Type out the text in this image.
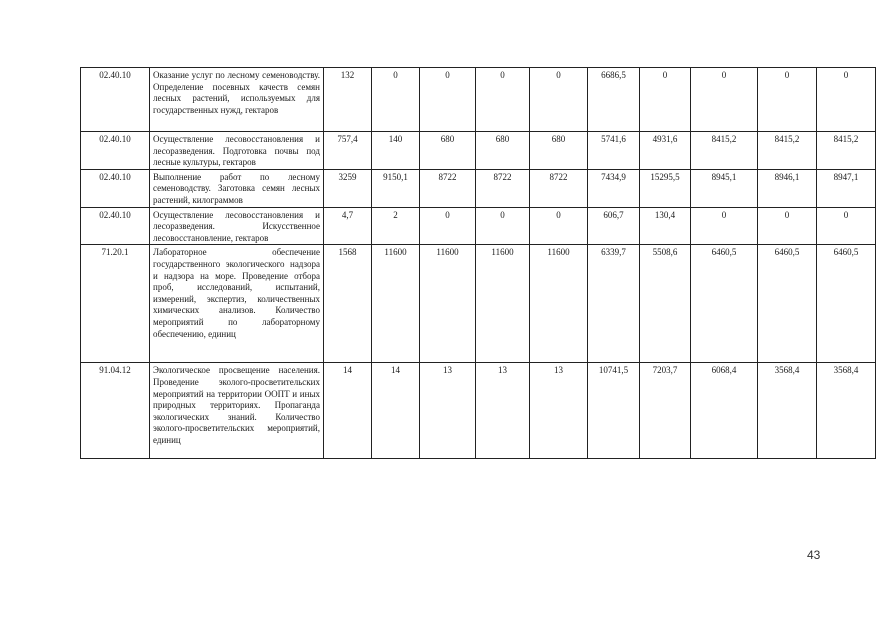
02.40.10	Оказание услуг по лесному семеноводству. Определение посевных качеств семян лесных растений, используемых для государственных нужд, гектаров	132	0	0	0	0	6686,5	0	0	0	0
02.40.10	Осуществление лесовосстановления и лесоразведения. Подготовка почвы под лесные культуры, гектаров	757,4	140	680	680	680	5741,6	4931,6	8415,2	8415,2	8415,2
02.40.10	Выполнение работ по лесному семеноводству. Заготовка семян лесных растений, килограммов	3259	9150,1	8722	8722	8722	7434,9	15295,5	8945,1	8946,1	8947,1
02.40.10	Осуществление лесовосстановления и лесоразведения. Искусственное лесовосстановление, гектаров	4,7	2	0	0	0	606,7	130,4	0	0	0
71.20.1	Лабораторное обеспечение государственного экологического надзора и надзора на море. Проведение отбора проб, исследований, испытаний, измерений, экспертиз, количественных химических анализов. Количество мероприятий по лабораторному обеспечению, единиц	1568	11600	11600	11600	11600	6339,7	5508,6	6460,5	6460,5	6460,5
91.04.12	Экологическое просвещение населения. Проведение эколого-просветительских мероприятий на территории ООПТ и иных природных территориях. Пропаганда экологических знаний. Количество эколого-просветительских мероприятий, единиц	14	14	13	13	13	10741,5	7203,7	6068,4	3568,4	3568,4
43
